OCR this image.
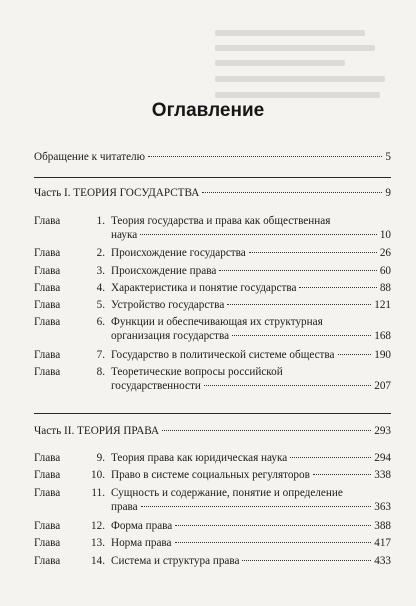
Оглавление
Обращение к читателю	5
Часть I. ТЕОРИЯ ГОСУДАРСТВА	9
Глава	1. Теория государства и права как общественная
наука	10
Глава	2. Происхождение государства	26
Глава	3. Происхождение права	60
Глава	4. Характеристика и понятие государства	88
Глава	5. Устройство государства	121
Глава	6. Функции и обеспечивающая их структурная
организация государства	168
Глава	7. Государство в политической системе общества	190
Глава	8. Теоретические вопросы российской
государственности	207
Часть II. ТЕОРИЯ ПРАВА	293
Глава	9. Теория права как юридическая наука	294
Глава	10. Право в системе социальных регуляторов	338
Глава	11. Сущность и содержание, понятие и определение
права	363
Глава	12. Форма права	388
Глава	13. Норма права	417
Глава	14. Система и структура права	433
